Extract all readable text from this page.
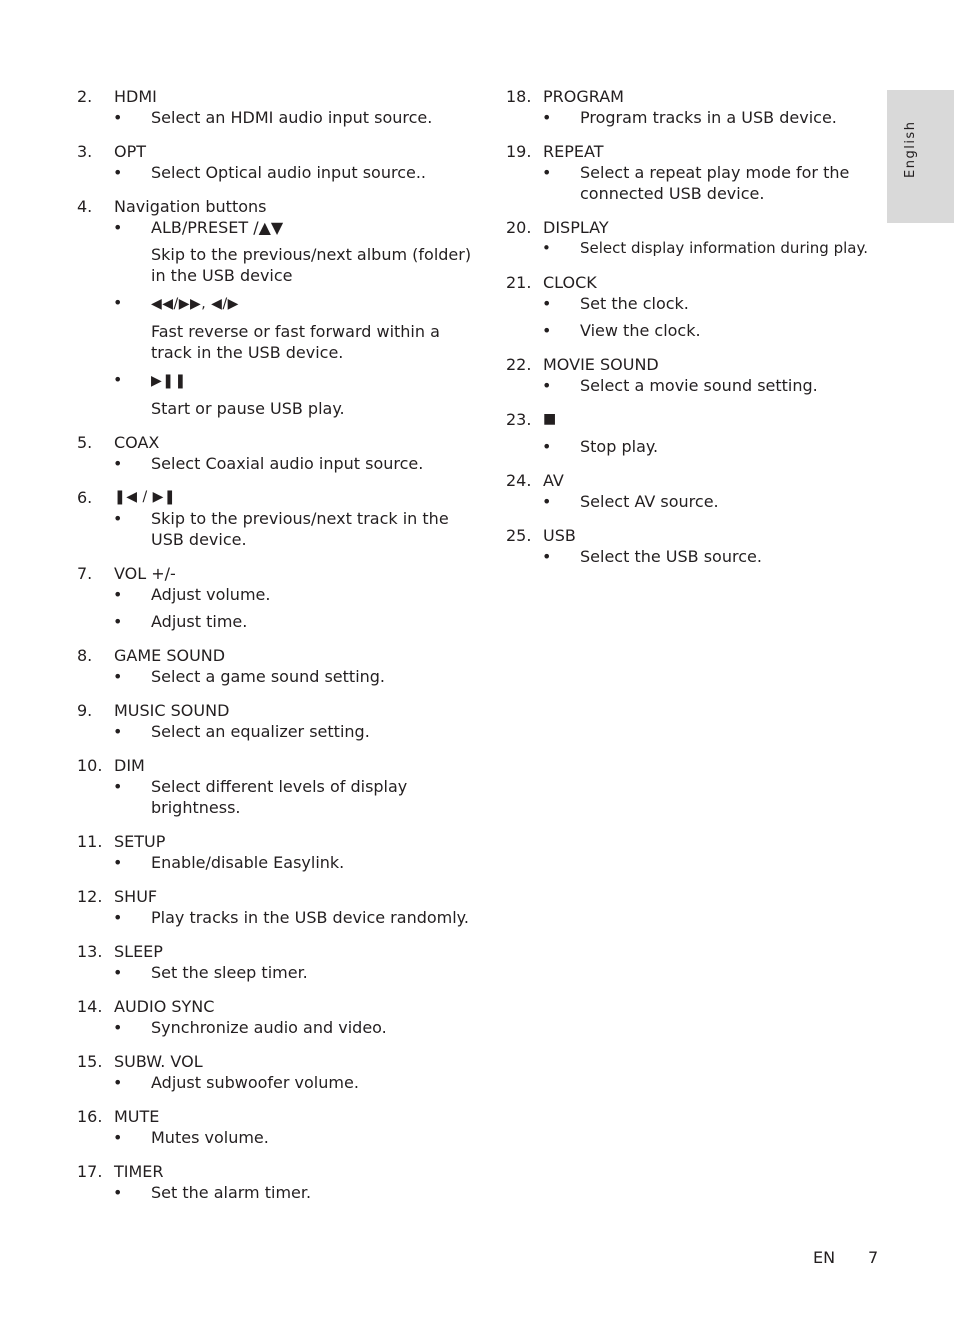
English
2. HDMI
• Select an HDMI audio input source.
3. OPT
• Select Optical audio input source..
4. Navigation buttons
• ALB/PRESET /▲▼
Skip to the previous/next album (folder) in the USB device
• ◀◀/▶▶, ◀/▶
Fast reverse or fast forward within a track in the USB device.
• ▶❚❚
Start or pause USB play.
5. COAX
• Select Coaxial audio input source.
6. ❚◀ / ▶❚
• Skip to the previous/next track in the USB device.
7. VOL +/-
• Adjust volume.
• Adjust time.
8. GAME SOUND
• Select a game sound setting.
9. MUSIC SOUND
• Select an equalizer setting.
10. DIM
• Select different levels of display brightness.
11. SETUP
• Enable/disable Easylink.
12. SHUF
• Play tracks in the USB device randomly.
13. SLEEP
• Set the sleep timer.
14. AUDIO SYNC
• Synchronize audio and video.
15. SUBW. VOL
• Adjust subwoofer volume.
16. MUTE
• Mutes volume.
17. TIMER
• Set the alarm timer.
18. PROGRAM
• Program tracks in a USB device.
19. REPEAT
• Select a repeat play mode for the connected USB device.
20. DISPLAY
• Select display information during play.
21. CLOCK
• Set the clock.
• View the clock.
22. MOVIE SOUND
• Select a movie sound setting.
23. ■
• Stop play.
24. AV
• Select AV source.
25. USB
• Select the USB source.
EN 7
